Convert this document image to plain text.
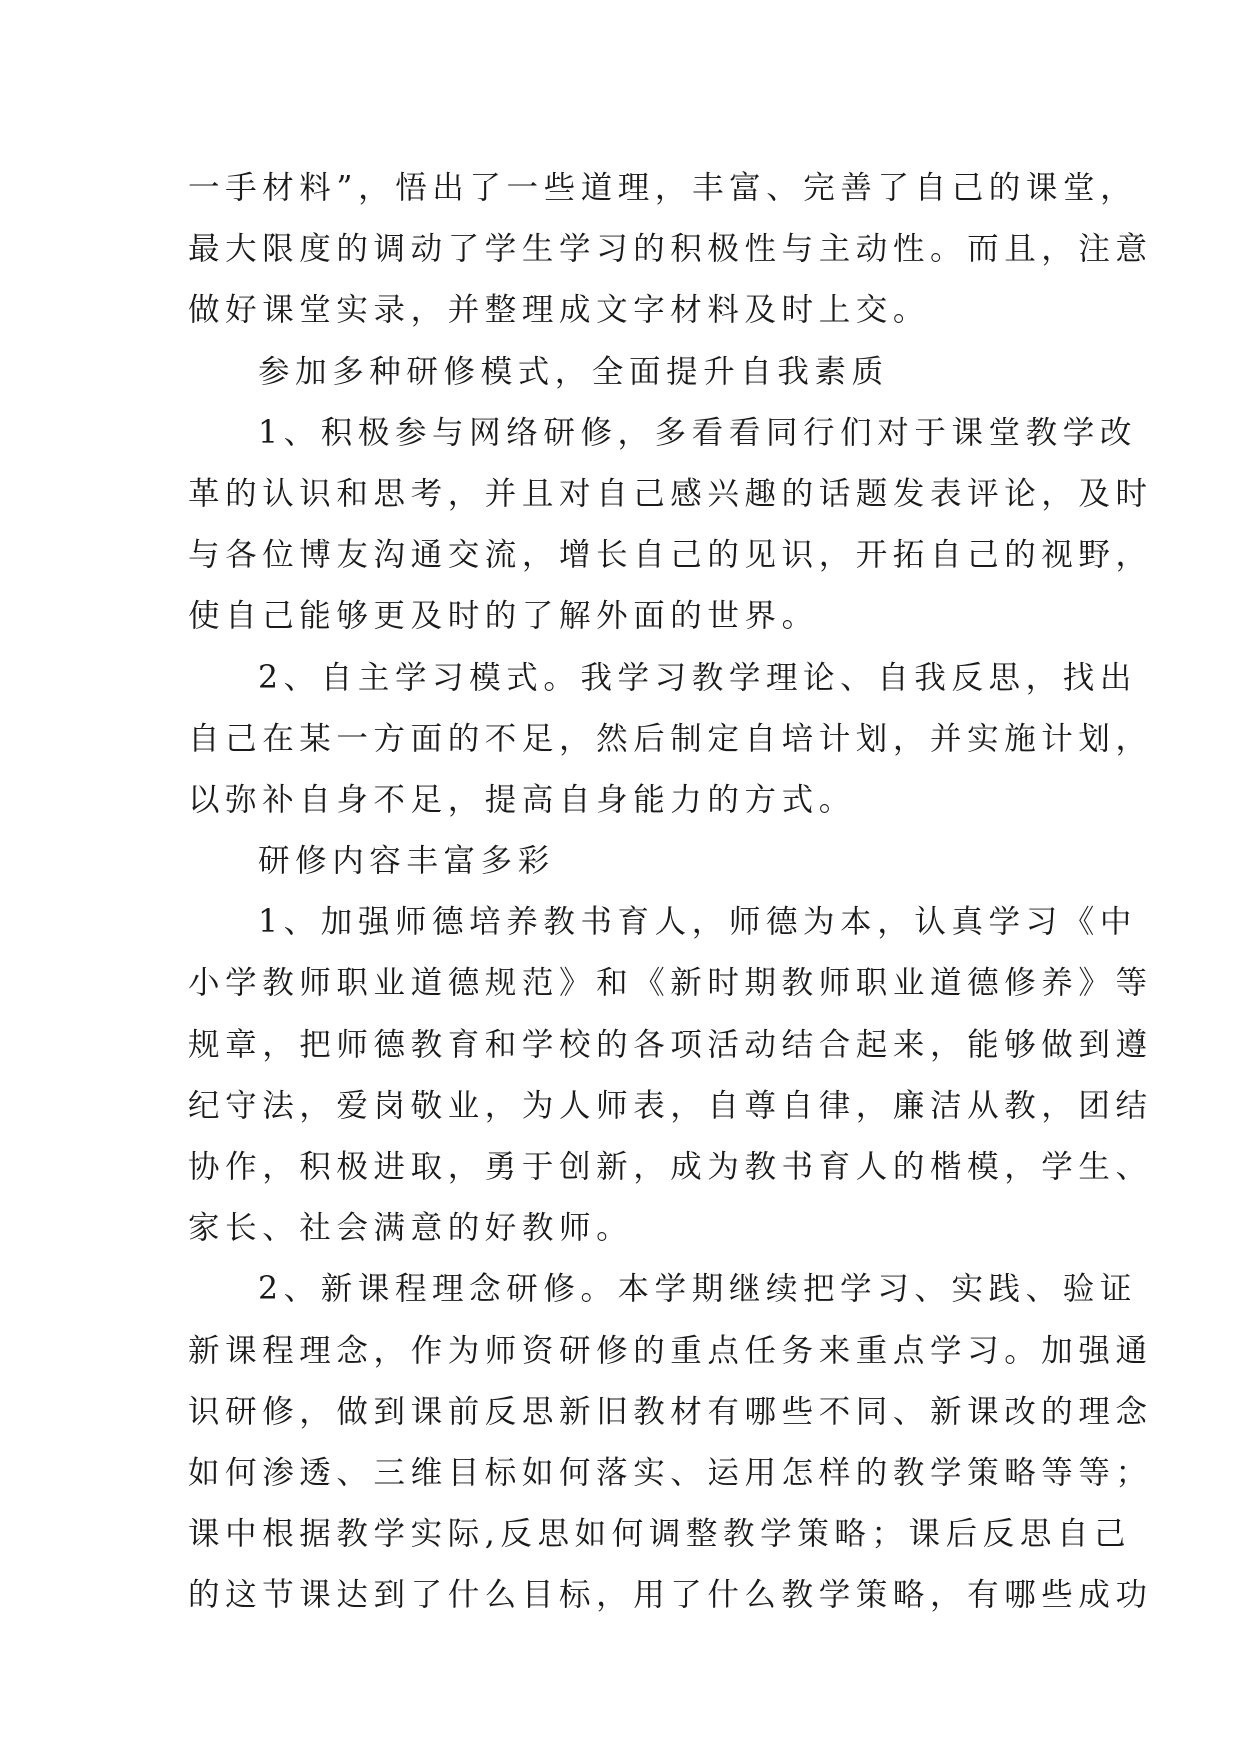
一手材料”，悟出了一些道理，丰富、完善了自己的课堂，
最大限度的调动了学生学习的积极性与主动性。而且，注意
做好课堂实录，并整理成文字材料及时上交。
参加多种研修模式，全面提升自我素质
1、积极参与网络研修，多看看同行们对于课堂教学改
革的认识和思考，并且对自己感兴趣的话题发表评论，及时
与各位博友沟通交流，增长自己的见识，开拓自己的视野，
使自己能够更及时的了解外面的世界。
2、自主学习模式。我学习教学理论、自我反思，找出
自己在某一方面的不足，然后制定自培计划，并实施计划，
以弥补自身不足，提高自身能力的方式。
研修内容丰富多彩
1、加强师德培养教书育人，师德为本，认真学习《中
小学教师职业道德规范》和《新时期教师职业道德修养》等
规章，把师德教育和学校的各项活动结合起来，能够做到遵
纪守法，爱岗敬业，为人师表，自尊自律，廉洁从教，团结
协作，积极进取，勇于创新，成为教书育人的楷模，学生、
家长、社会满意的好教师。
2、新课程理念研修。本学期继续把学习、实践、验证
新课程理念，作为师资研修的重点任务来重点学习。加强通
识研修，做到课前反思新旧教材有哪些不同、新课改的理念
如何渗透、三维目标如何落实、运用怎样的教学策略等等；
课中根据教学实际,反思如何调整教学策略；课后反思自己
的这节课达到了什么目标，用了什么教学策略，有哪些成功
